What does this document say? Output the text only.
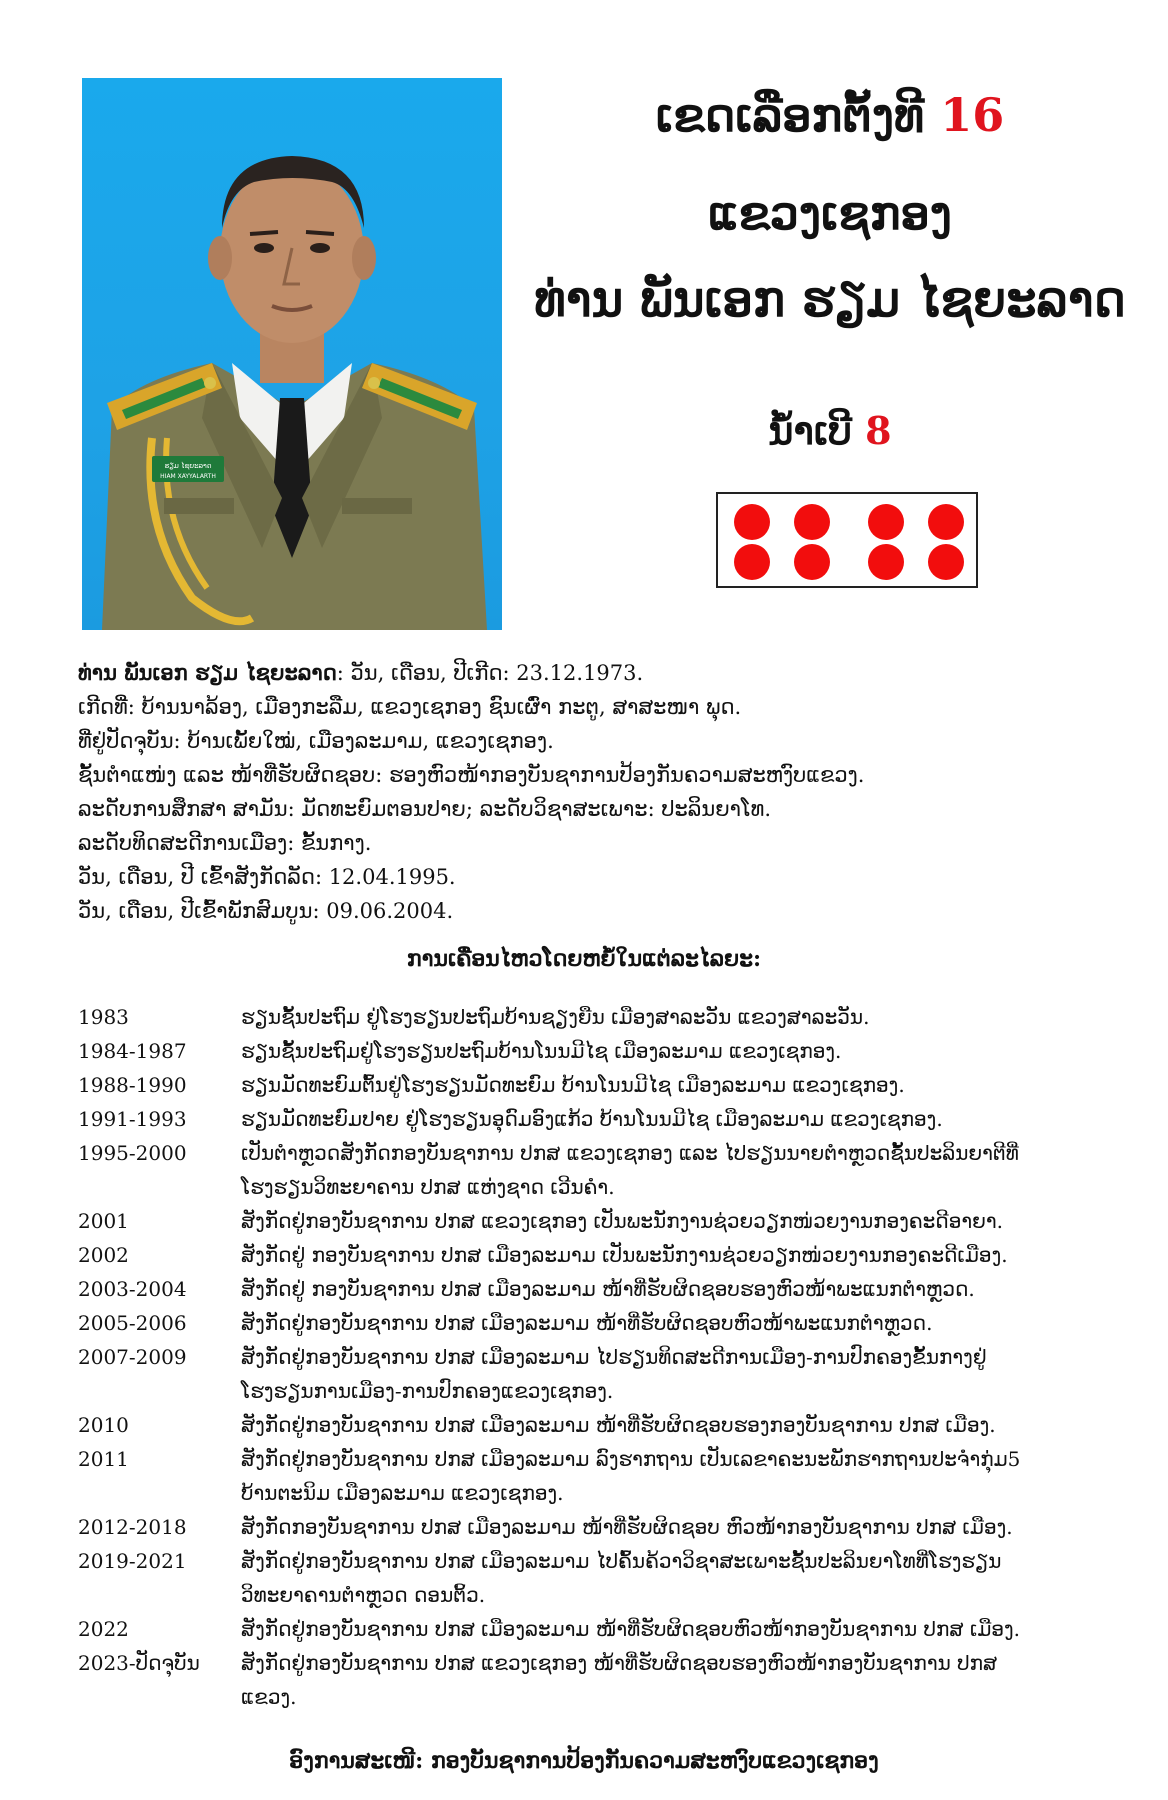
ຮຽມ ໄຊຍະລາດ
HIAM XAYYALARTH
ເຂດເລືອກຕັ້ງທີ 16
ແຂວງເຊກອງ
ທ່ານ ພັນເອກ ຮຽມ ໄຊຍະລາດ
ນ້ຳເບີ 8
ທ່ານ ພັນເອກ ຮຽມ ໄຊຍະລາດ: ວັນ, ເດືອນ, ປີເກີດ: 23.12.1973.
ເກີດທີ່: ບ້ານນາລ້ອງ, ເມືອງກະລືມ, ແຂວງເຊກອງ ຊົນເຜົ່າ ກະຕູ, ສາສະໜາ ພຸດ.
ທີ່ຢູ່ປັດຈຸບັນ: ບ້ານເພັ້ຍໃໝ່, ເມືອງລະມາມ, ແຂວງເຊກອງ.
ຊັ້ນຕຳແໜ່ງ ແລະ ໜ້າທີ່ຮັບຜິດຊອບ: ຮອງຫົວໜ້າກອງບັນຊາການປ້ອງກັນຄວາມສະຫງົບແຂວງ.
ລະດັບການສຶກສາ ສາມັນ: ມັດທະຍົມຕອນປາຍ; ລະດັບວິຊາສະເພາະ: ປະລິນຍາໂທ.
ລະດັບທິດສະດີການເມືອງ: ຂັ້ນກາງ.
ວັນ, ເດືອນ, ປີ ເຂົ້າສັງກັດລັດ: 12.04.1995.
ວັນ, ເດືອນ, ປີເຂົ້າພັກສົມບູນ: 09.06.2004.
ການເຄື່ອນໄຫວໂດຍຫຍໍ້ໃນແຕ່ລະໄລຍະ:
1983	ຮຽນຊັ້ນປະຖົມ ຢູ່ໂຮງຮຽນປະຖົມບ້ານຊຽງຍືນ ເມືອງສາລະວັນ ແຂວງສາລະວັນ.
1984-1987	ຮຽນຊັ້ນປະຖົມຢູ່ໂຮງຮຽນປະຖົມບ້ານໂນນມີໄຊ ເມືອງລະມາມ ແຂວງເຊກອງ.
1988-1990	ຮຽນມັດທະຍົມຕົ້ນຢູ່ໂຮງຮຽນມັດທະຍົມ ບ້ານໂນນມີໄຊ ເມືອງລະມາມ ແຂວງເຊກອງ.
1991-1993	ຮຽນມັດທະຍົມປາຍ ຢູ່ໂຮງຮຽນອຸດົມອົງແກ້ວ ບ້ານໂນນມີໄຊ ເມືອງລະມາມ ແຂວງເຊກອງ.
1995-2000	ເປັນຕຳຫຼວດສັງກັດກອງບັນຊາການ ປກສ ແຂວງເຊກອງ ແລະ ໄປຮຽນນາຍຕຳຫຼວດຊັ້ນປະລິນຍາຕີທີ່
ໂຮງຮຽນວິທະຍາຄານ ປກສ ແຫ່ງຊາດ ເວີນຄຳ.
2001	ສັງກັດຢູ່ກອງບັນຊາການ ປກສ ແຂວງເຊກອງ ເປັນພະນັກງານຊ່ວຍວຽກໜ່ວຍງານກອງຄະດີອາຍາ.
2002	ສັງກັດຢູ່ ກອງບັນຊາການ ປກສ ເມືອງລະມາມ ເປັນພະນັກງານຊ່ວຍວຽກໜ່ວຍງານກອງຄະດີເມືອງ.
2003-2004	ສັງກັດຢູ່ ກອງບັນຊາການ ປກສ ເມືອງລະມາມ ໜ້າທີ່ຮັບຜິດຊອບຮອງຫົວໜ້າພະແນກຕຳຫຼວດ.
2005-2006	ສັງກັດຢູ່ກອງບັນຊາການ ປກສ ເມືອງລະມາມ ໜ້າທີ່ຮັບຜິດຊອບຫົວໜ້າພະແນກຕຳຫຼວດ.
2007-2009	ສັງກັດຢູ່ກອງບັນຊາການ ປກສ ເມືອງລະມາມ ໄປຮຽນທິດສະດີການເມືອງ-ການປົກຄອງຂັ້ນກາງຢູ່
ໂຮງຮຽນການເມືອງ-ການປົກຄອງແຂວງເຊກອງ.
2010	ສັງກັດຢູ່ກອງບັນຊາການ ປກສ ເມືອງລະມາມ ໜ້າທີ່ຮັບຜິດຊອບຮອງກອງບັນຊາການ ປກສ ເມືອງ.
2011	ສັງກັດຢູ່ກອງບັນຊາການ ປກສ ເມືອງລະມາມ ລົງຮາກຖານ ເປັນເລຂາຄະນະພັກຮາກຖານປະຈຳກຸ່ມ5
ບ້ານຕະນິມ ເມືອງລະມາມ ແຂວງເຊກອງ.
2012-2018	ສັງກັດກອງບັນຊາການ ປກສ ເມືອງລະມາມ ໜ້າທີ່ຮັບຜິດຊອບ ຫົວໜ້າກອງບັນຊາການ ປກສ ເມືອງ.
2019-2021	ສັງກັດຢູ່ກອງບັນຊາການ ປກສ ເມືອງລະມາມ ໄປຄົ້ນຄ້ວາວິຊາສະເພາະຊັ້ນປະລິນຍາໂທທີ່ໂຮງຮຽນ
ວິທະຍາຄານຕຳຫຼວດ ດອນຕິ້ວ.
2022	ສັງກັດຢູ່ກອງບັນຊາການ ປກສ ເມືອງລະມາມ ໜ້າທີ່ຮັບຜິດຊອບຫົວໜ້າກອງບັນຊາການ ປກສ ເມືອງ.
2023-ປັດຈຸບັນ	ສັງກັດຢູ່ກອງບັນຊາການ ປກສ ແຂວງເຊກອງ ໜ້າທີ່ຮັບຜິດຊອບຮອງຫົວໜ້າກອງບັນຊາການ ປກສ
ແຂວງ.
ອົງການສະເໜີ: ກອງບັນຊາການປ້ອງກັນຄວາມສະຫງົບແຂວງເຊກອງ
